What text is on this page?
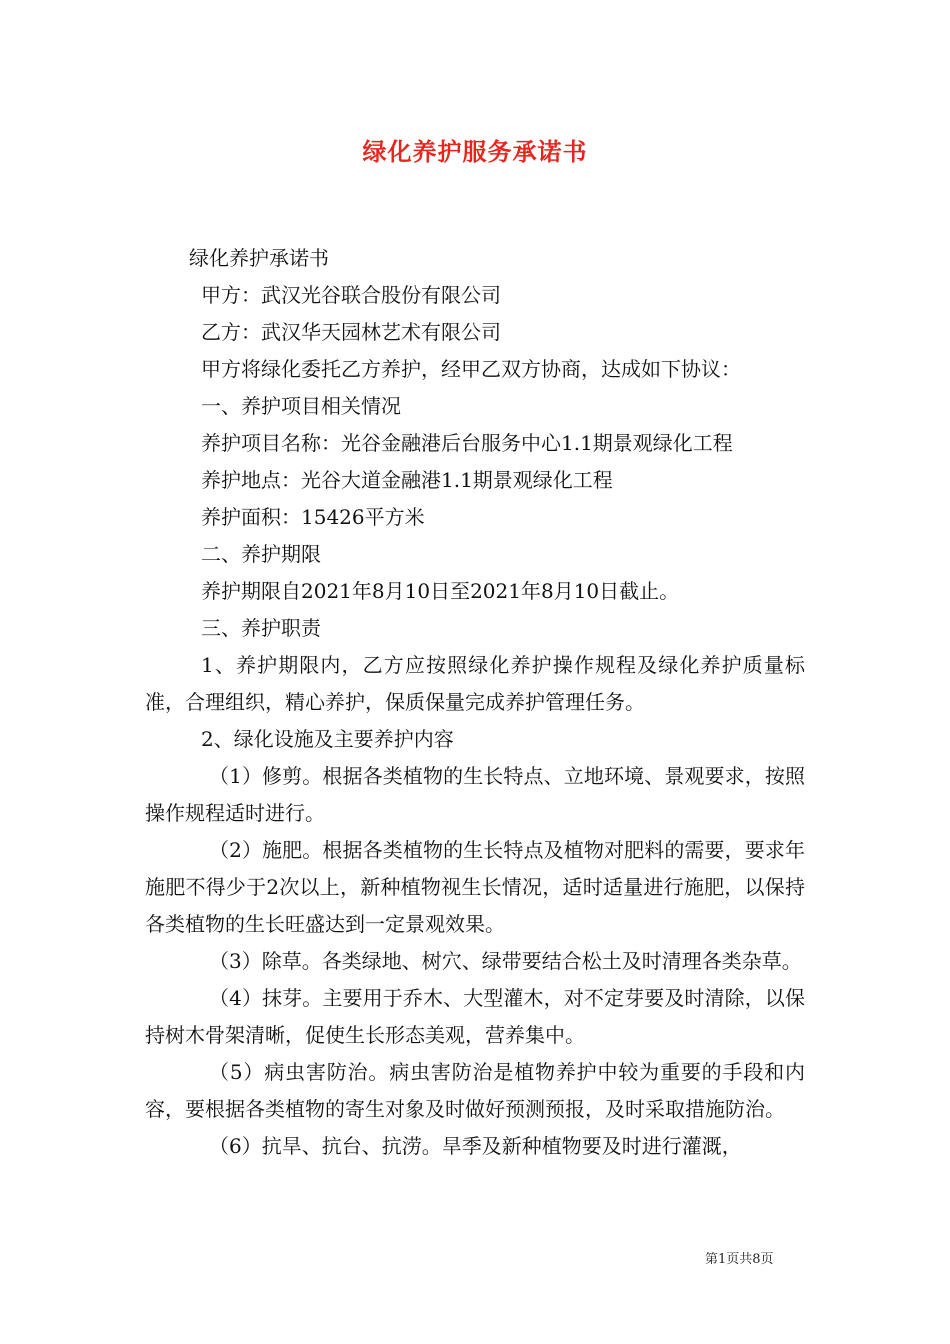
绿化养护服务承诺书

绿化养护承诺书

甲方：武汉光谷联合股份有限公司

乙方：武汉华天园林艺术有限公司

甲方将绿化委托乙方养护，经甲乙双方协商，达成如下协议：

一、养护项目相关情况

养护项目名称：光谷金融港后台服务中心1.1期景观绿化工程

养护地点：光谷大道金融港1.1期景观绿化工程

养护面积：15426平方米

二、养护期限

养护期限自2021年8月10日至2021年8月10日截止。

三、养护职责

1、养护期限内，乙方应按照绿化养护操作规程及绿化养护质量标准，合理组织，精心养护，保质保量完成养护管理任务。

2、绿化设施及主要养护内容

（1）修剪。根据各类植物的生长特点、立地环境、景观要求，按照操作规程适时进行。

（2）施肥。根据各类植物的生长特点及植物对肥料的需要，要求年施肥不得少于2次以上，新种植物视生长情况，适时适量进行施肥，以保持各类植物的生长旺盛达到一定景观效果。

（3）除草。各类绿地、树穴、绿带要结合松土及时清理各类杂草。

（4）抹芽。主要用于乔木、大型灌木，对不定芽要及时清除，以保持树木骨架清晰，促使生长形态美观，营养集中。

（5）病虫害防治。病虫害防治是植物养护中较为重要的手段和内容，要根据各类植物的寄生对象及时做好预测预报，及时采取措施防治。

（6）抗旱、抗台、抗涝。旱季及新种植物要及时进行灌溉，

第1页共8页
